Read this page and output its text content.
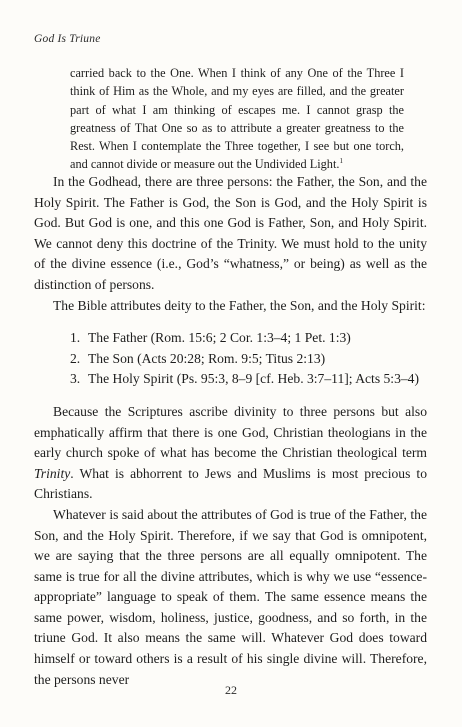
God Is Triune
carried back to the One. When I think of any One of the Three I think of Him as the Whole, and my eyes are filled, and the greater part of what I am thinking of escapes me. I cannot grasp the greatness of That One so as to attribute a greater greatness to the Rest. When I contemplate the Three together, I see but one torch, and cannot divide or measure out the Undivided Light.$^1$

In the Godhead, there are three persons: the Father, the Son, and the Holy Spirit. The Father is God, the Son is God, and the Holy Spirit is God. But God is one, and this one God is Father, Son, and Holy Spirit. We cannot deny this doctrine of the Trinity. We must hold to the unity of the divine essence (i.e., God’s “whatness,” or being) as well as the distinction of persons.

The Bible attributes deity to the Father, the Son, and the Holy Spirit:

1. The Father (Rom. 15:6; 2 Cor. 1:3–4; 1 Pet. 1:3)
2. The Son (Acts 20:28; Rom. 9:5; Titus 2:13)
3. The Holy Spirit (Ps. 95:3, 8–9 [cf. Heb. 3:7–11]; Acts 5:3–4)

Because the Scriptures ascribe divinity to three persons but also emphatically affirm that there is one God, Christian theologians in the early church spoke of what has become the Christian theological term Trinity. What is abhorrent to Jews and Muslims is most precious to Christians.

Whatever is said about the attributes of God is true of the Father, the Son, and the Holy Spirit. Therefore, if we say that God is omnipotent, we are saying that the three persons are all equally omnipotent. The same is true for all the divine attributes, which is why we use “essence-appropriate” language to speak of them. The same essence means the same power, wisdom, holiness, justice, goodness, and so forth, in the triune God. It also means the same will. Whatever God does toward himself or toward others is a result of his single divine will. Therefore, the persons never

22
